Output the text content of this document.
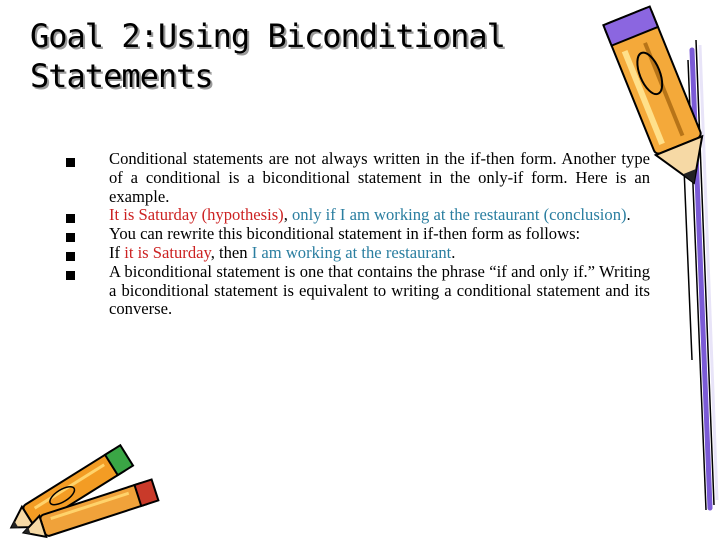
Goal 2:Using Biconditional
Statements
Conditional statements are not always written in the if-then form. Another type of a conditional is a biconditional statement in the only-if form. Here is an example.
It is Saturday (hypothesis), only if I am working at the restaurant (conclusion).
You can rewrite this biconditional statement in if-then form as follows:
If it is Saturday, then I am working at the restaurant.
A biconditional statement is one that contains the phrase “if and only if.” Writing a biconditional statement is equivalent to writing a conditional statement and its converse.
